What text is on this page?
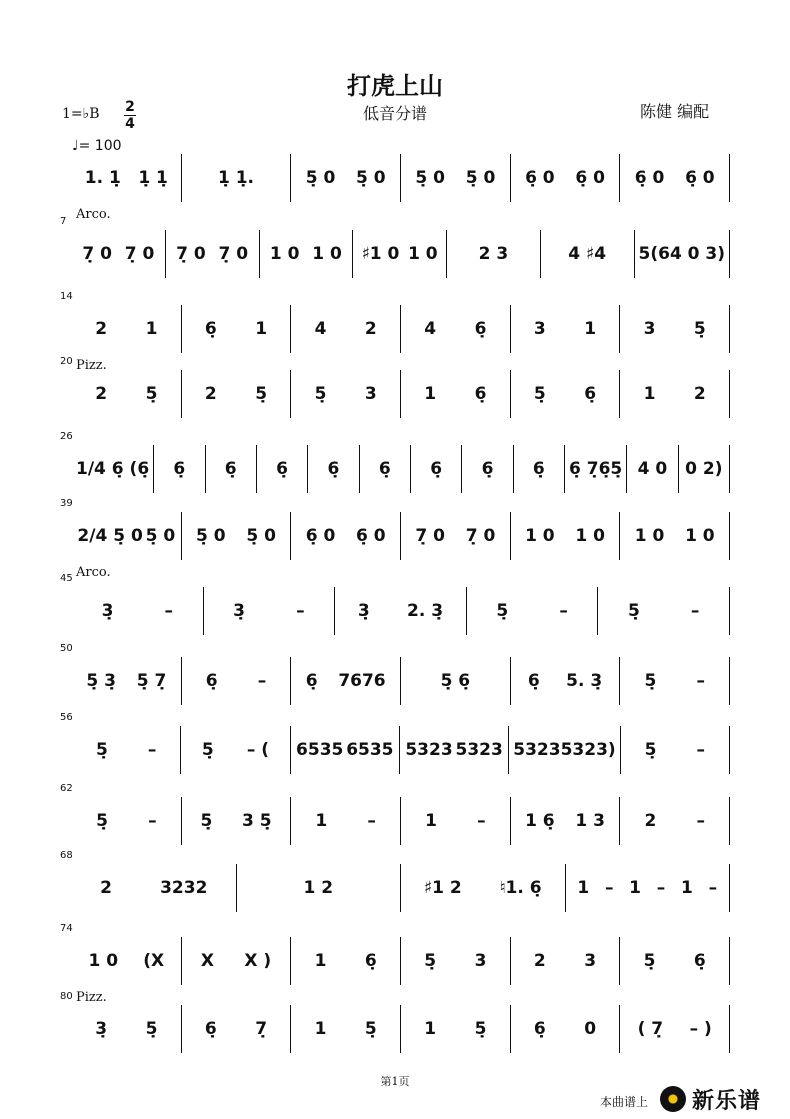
打虎上山
低音分谱	陈健 编配
1=♭B 2
4
♩= 100
1. 1̣ 1̣ 1̣	1̣ 1̣.	5̣ 0 5̣ 0 5̣ 0 5̣ 0 6̣ 0 6̣ 0 6̣ 0 6̣ 0
Arco.
7
7̣ 0 7̣ 0 7̣ 0 7̣ 0 1 0 1 0 ♯1 0 1 0 2 3	4 ♯4 5(6 4 0 3)
14
2 1	6̣ 1	4 2	4 6̣	3 1	3 5̣
Pizz.
20
2 5̣	2 5̣	5̣ 3	1 6̣	5̣ 6̣	1 2
26
1/4 6̣ ( 6̣ 6̣ 6̣ 6̣ 6̣ 6̣ 6̣ 6̣ 6̣ 6̣ 7̣6̣5̣ 4 0 0 2)
39
2/4 5̣ 0 5̣ 0 5̣ 0 5̣ 0 6̣ 0 6̣ 0 7̣ 0 7̣ 0 1 0 1 0 1 0 1 0
Arco.
45
3̣	–	3̣	–	3̣ 2. 3̣	5̣	–	5̣	–
50
5̣ 3̣ 5̣ 7̣ 6̣ – 6̣ 7676	5̣ 6̣	6̣ 5. 3̣ 5̣ –
56
5̣ –	5̣ – ( 6535 6535 5323 5323 5323 5323) 5̣ –
62
5̣ –	5̣ 3 5̣	1 –	1 – 1 6̣ 1 3 2 –
68
2	3232	1 2	♯1 2 ♮1. 6̣ 1 – 1 – 1 –
74
1 0 (X X X )	1 6̣	5̣ 3	2 3	5̣ 6̣
Pizz.
80
3̣ 5̣	6̣ 7̣	1 5̣	1 5̣	6̣ 0 ( 7̣ – )
第1页
本曲谱上 新乐谱
